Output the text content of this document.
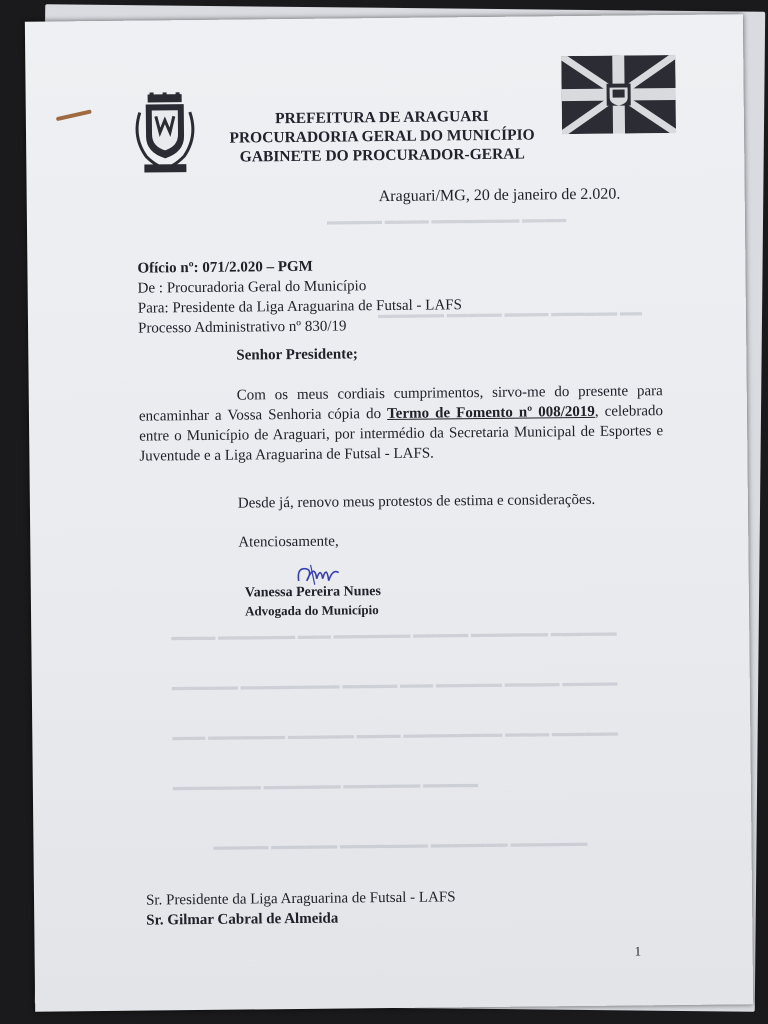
▬▬▬▬▬ ▬▬▬▬ ▬▬▬▬▬▬▬▬ ▬▬▬▬
▬▬▬▬▬▬ ▬▬▬▬▬ ▬▬▬▬ ▬▬▬▬▬▬ ▬▬
▬▬▬▬ ▬▬▬▬▬▬▬ ▬▬▬ ▬▬▬▬▬▬▬ ▬▬▬▬▬ ▬▬▬▬▬▬▬ ▬▬▬▬▬▬
▬▬▬▬▬▬ ▬▬▬▬▬▬▬▬▬ ▬▬▬▬▬ ▬▬▬ ▬▬▬▬▬▬ ▬▬▬▬▬ ▬▬▬▬▬
▬▬▬ ▬▬▬▬▬▬▬ ▬▬▬▬▬▬ ▬▬▬▬ ▬▬▬▬▬▬▬▬▬ ▬▬▬▬ ▬▬▬▬▬▬
▬▬▬▬▬▬▬▬ ▬▬▬▬▬▬▬ ▬▬▬▬▬▬▬ ▬▬▬▬▬
▬▬▬▬▬ ▬▬▬▬▬▬ ▬▬▬▬▬▬▬▬ ▬▬▬▬▬▬▬ ▬▬▬▬▬▬▬
PREFEITURA DE ARAGUARI
PROCURADORIA GERAL DO MUNICÍPIO
GABINETE DO PROCURADOR-GERAL
Araguari/MG, 20 de janeiro de 2.020.
Ofício nº: 071/2.020 – PGM
De : Procuradoria Geral do Município
Para: Presidente da Liga Araguarina de Futsal - LAFS
Processo Administrativo nº 830/19
Senhor Presidente;
Com os meus cordiais cumprimentos, sirvo-me do presente para encaminhar a Vossa Senhoria cópia do Termo de Fomento nº 008/2019, celebrado entre o Município de Araguari, por intermédio da Secretaria Municipal de Esportes e Juventude e a Liga Araguarina de Futsal - LAFS.
Desde já, renovo meus protestos de estima e considerações.
Atenciosamente,
Vanessa Pereira Nunes
Advogada do Município
Sr. Presidente da Liga Araguarina de Futsal - LAFS
Sr. Gilmar Cabral de Almeida
1
